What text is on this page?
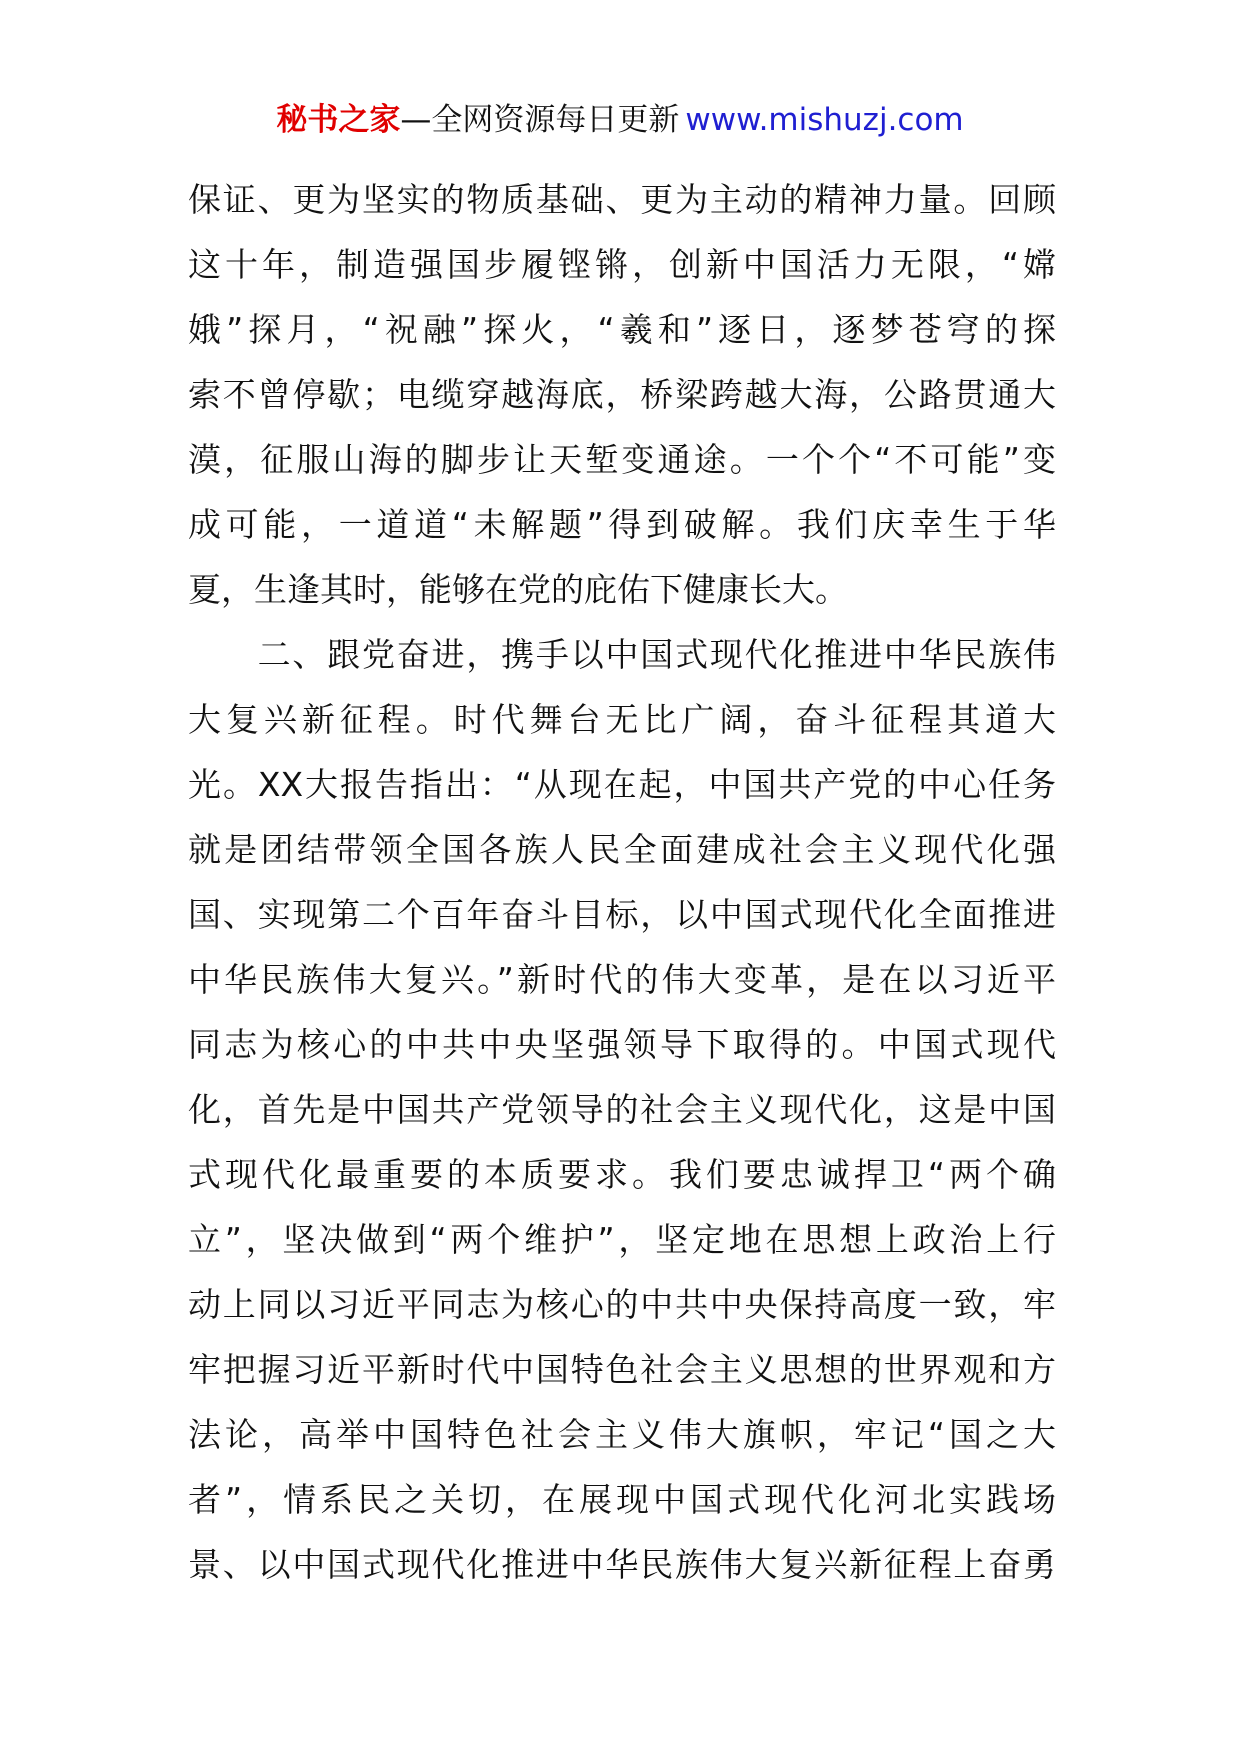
秘书之家—全网资源每日更新 www.mishuzj.com
保证、更为坚实的物质基础、更为主动的精神力量。回顾
这十年，制造强国步履铿锵，创新中国活力无限，“嫦
娥”探月，“祝融”探火，“羲和”逐日，逐梦苍穹的探
索不曾停歇；电缆穿越海底，桥梁跨越大海，公路贯通大
漠，征服山海的脚步让天堑变通途。一个个“不可能”变
成可能，一道道“未解题”得到破解。我们庆幸生于华
夏，生逢其时，能够在党的庇佑下健康长大。
　　二、跟党奋进，携手以中国式现代化推进中华民族伟
大复兴新征程。时代舞台无比广阔，奋斗征程其道大
光。XX大报告指出：“从现在起，中国共产党的中心任务
就是团结带领全国各族人民全面建成社会主义现代化强
国、实现第二个百年奋斗目标，以中国式现代化全面推进
中华民族伟大复兴。”新时代的伟大变革，是在以习近平
同志为核心的中共中央坚强领导下取得的。中国式现代
化，首先是中国共产党领导的社会主义现代化，这是中国
式现代化最重要的本质要求。我们要忠诚捍卫“两个确
立”，坚决做到“两个维护”，坚定地在思想上政治上行
动上同以习近平同志为核心的中共中央保持高度一致，牢
牢把握习近平新时代中国特色社会主义思想的世界观和方
法论，高举中国特色社会主义伟大旗帜，牢记“国之大
者”，情系民之关切，在展现中国式现代化河北实践场
景、以中国式现代化推进中华民族伟大复兴新征程上奋勇
